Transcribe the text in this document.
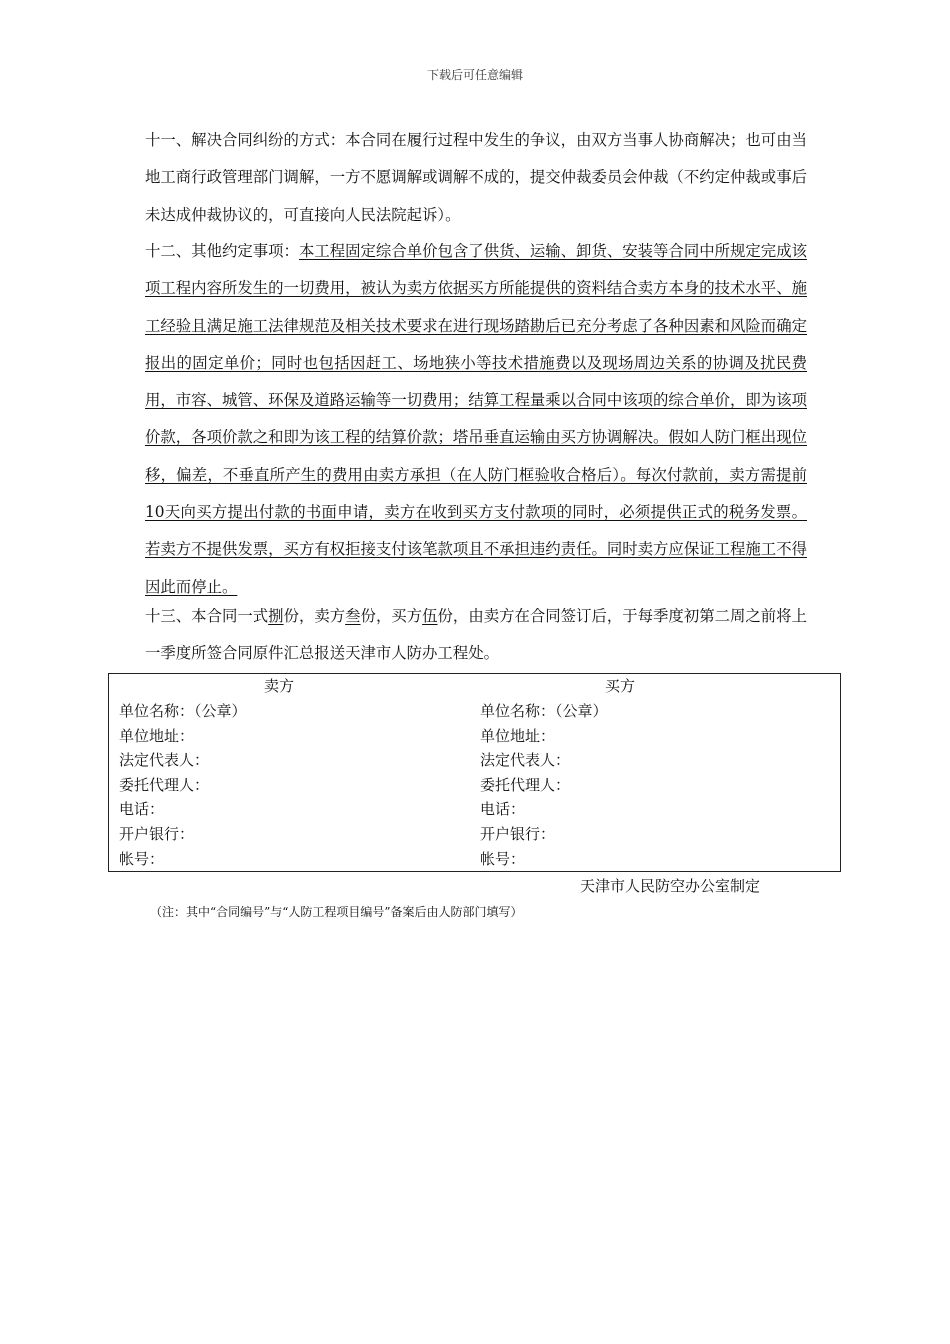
下载后可任意编辑
十一、解决合同纠纷的方式：本合同在履行过程中发生的争议，由双方当事人协商解决；也可由当地工商行政管理部门调解，一方不愿调解或调解不成的，提交仲裁委员会仲裁（不约定仲裁或事后未达成仲裁协议的，可直接向人民法院起诉）。
十二、其他约定事项：本工程固定综合单价包含了供货、运输、卸货、安装等合同中所规定完成该项工程内容所发生的一切费用，被认为卖方依据买方所能提供的资料结合卖方本身的技术水平、施工经验且满足施工法律规范及相关技术要求在进行现场踏勘后已充分考虑了各种因素和风险而确定报出的固定单价；同时也包括因赶工、场地狭小等技术措施费以及现场周边关系的协调及扰民费用，市容、城管、环保及道路运输等一切费用；结算工程量乘以合同中该项的综合单价，即为该项价款，各项价款之和即为该工程的结算价款；塔吊垂直运输由买方协调解决。假如人防门框出现位移，偏差，不垂直所产生的费用由卖方承担（在人防门框验收合格后）。每次付款前，卖方需提前10天向买方提出付款的书面申请，卖方在收到买方支付款项的同时，必须提供正式的税务发票。若卖方不提供发票，买方有权拒接支付该笔款项且不承担违约责任。同时卖方应保证工程施工不得因此而停止。
十三、本合同一式捌份，卖方叁份，买方伍份，由卖方在合同签订后，于每季度初第二周之前将上一季度所签合同原件汇总报送天津市人防办工程处。
卖方
单位名称：（公章）
单位地址：
法定代表人：
委托代理人：
电话：
开户银行：
帐号：
买方
单位名称：（公章）
单位地址：
法定代表人：
委托代理人：
电话：
开户银行：
帐号：
天津市人民防空办公室制定
（注：其中“合同编号”与“人防工程项目编号”备案后由人防部门填写）
